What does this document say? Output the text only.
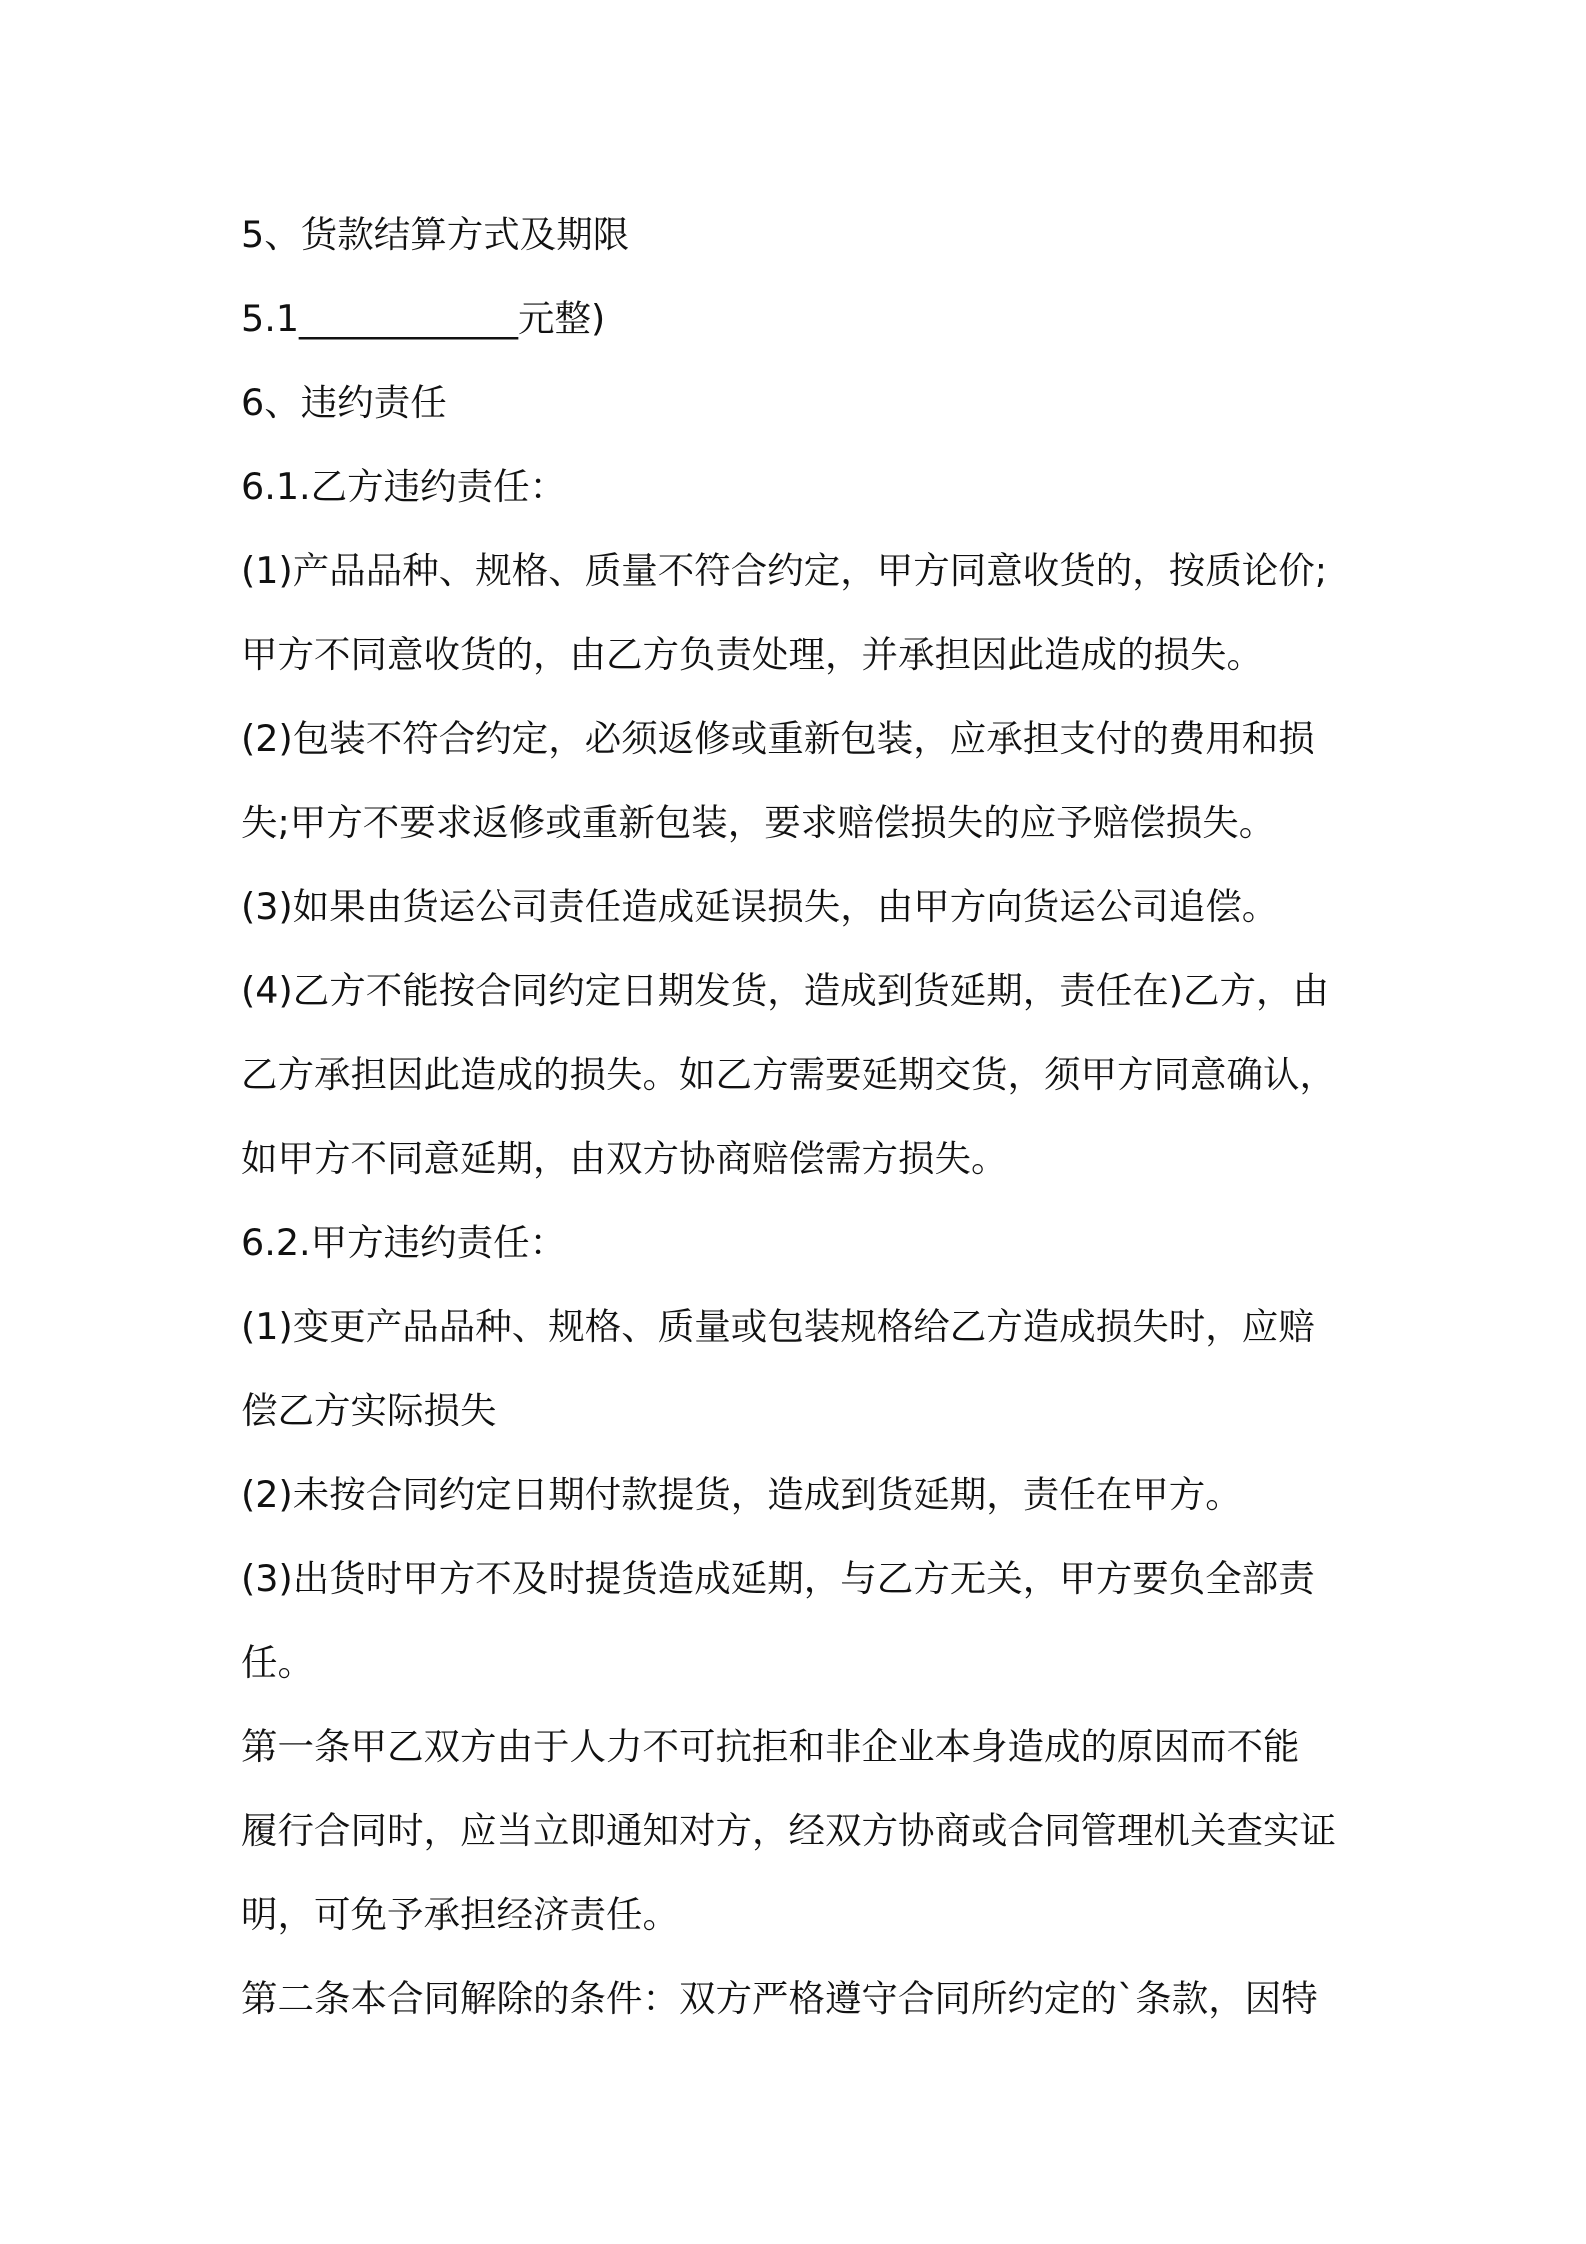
5、货款结算方式及期限
5.1____________元整)
6、违约责任
6.1.乙方违约责任：
(1)产品品种、规格、质量不符合约定，甲方同意收货的，按质论价;
甲方不同意收货的，由乙方负责处理，并承担因此造成的损失。
(2)包装不符合约定，必须返修或重新包装，应承担支付的费用和损
失;甲方不要求返修或重新包装，要求赔偿损失的应予赔偿损失。
(3)如果由货运公司责任造成延误损失，由甲方向货运公司追偿。
(4)乙方不能按合同约定日期发货，造成到货延期，责任在)乙方，由
乙方承担因此造成的损失。如乙方需要延期交货，须甲方同意确认，
如甲方不同意延期，由双方协商赔偿需方损失。
6.2.甲方违约责任：
(1)变更产品品种、规格、质量或包装规格给乙方造成损失时，应赔
偿乙方实际损失
(2)未按合同约定日期付款提货，造成到货延期，责任在甲方。
(3)出货时甲方不及时提货造成延期，与乙方无关，甲方要负全部责
任。
第一条甲乙双方由于人力不可抗拒和非企业本身造成的原因而不能
履行合同时，应当立即通知对方，经双方协商或合同管理机关查实证
明，可免予承担经济责任。
第二条本合同解除的条件：双方严格遵守合同所约定的`条款，因特
